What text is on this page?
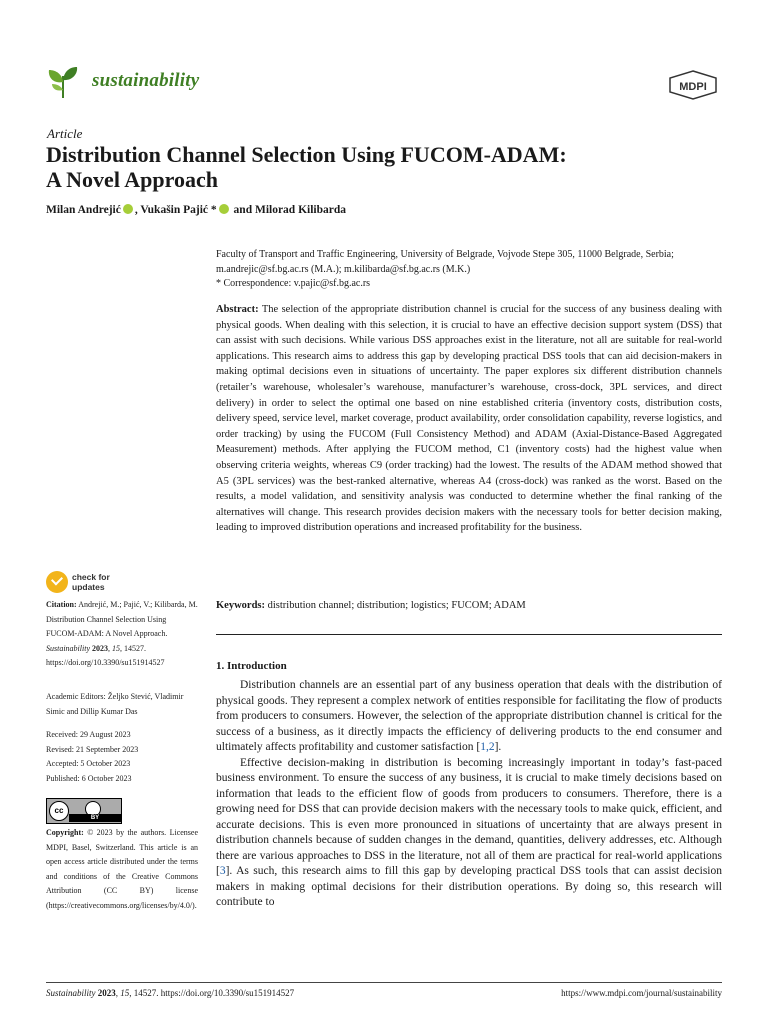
sustainability	MDPI
Article
Distribution Channel Selection Using FUCOM-ADAM:
A Novel Approach
Milan Andrejić , Vukašin Pajić * and Milorad Kilibarda

Faculty of Transport and Traffic Engineering, University of Belgrade, Vojvode Stepe 305, 11000 Belgrade, Serbia;

m.andrejic@sf.bg.ac.rs (M.A.); m.kilibarda@sf.bg.ac.rs (M.K.)

* Correspondence: v.pajic@sf.bg.ac.rs

Abstract: The selection of the appropriate distribution channel is crucial for the success of any business dealing with physical goods. When dealing with this selection, it is crucial to have an effective decision support system (DSS) that can assist with such decisions. While various DSS approaches exist in the literature, not all are suitable for real-world applications. This research aims to address this gap by developing practical DSS tools that can aid decision-makers in making optimal decisions even in situations of uncertainty. The paper explores six different distribution channels (retailer’s warehouse, wholesaler’s warehouse, manufacturer’s warehouse, cross-dock, 3PL services, and direct delivery) in order to select the optimal one based on nine established criteria (inventory costs, distribution costs, delivery speed, service level, market coverage, product availability, order consolidation capability, reverse logistics, and order tracking) by using the FUCOM (Full Consistency Method) and ADAM (Axial-Distance-Based Aggregated Measurement) methods. After applying the FUCOM method, C1 (inventory costs) had the highest value when observing criteria weights, whereas C9 (order tracking) had the lowest. The results of the ADAM method showed that A5 (3PL services) was the best-ranked alternative, whereas A4 (cross-dock) was ranked as the worst. Based on the results, a model validation, and sensitivity analysis was conducted to determine whether the final ranking of the alternatives will change. This research provides decision makers with the necessary tools for better decision making, leading to improved distribution operations and increased profitability for the business.
Keywords: distribution channel; distribution; logistics; FUCOM; ADAM
check for
updates

Citation: Andrejić, M.; Pajić, V.; Kilibarda, M. Distribution Channel Selection Using FUCOM-ADAM: A Novel Approach. Sustainability 2023, 15, 14527. https://doi.org/10.3390/su151914527

Academic Editors: Željko Stević, Vladimir Simic and Dillip Kumar Das

Received: 29 August 2023

Revised: 21 September 2023

Accepted: 5 October 2023

Published: 6 October 2023

cc
BY
Copyright: © 2023 by the authors. Licensee MDPI, Basel, Switzerland. This article is an open access article distributed under the terms and conditions of the Creative Commons Attribution (CC BY) license (https://creativecommons.org/licenses/by/4.0/).
1. Introduction

Distribution channels are an essential part of any business operation that deals with the distribution of physical goods. They represent a complex network of entities responsible for facilitating the flow of products from producers to consumers. However, the selection of the appropriate distribution channel is critical for the success of a business, as it directly impacts the efficiency of delivering products to the end consumer and ultimately affects profitability and customer satisfaction [1,2].

Effective decision-making in distribution is becoming increasingly important in today’s fast-paced business environment. To ensure the success of any business, it is crucial to make timely decisions based on information that leads to the efficient flow of goods from producers to consumers. Therefore, there is a growing need for DSS that can provide decision makers with the necessary tools to make quick, efficient, and accurate decisions. This is even more pronounced in situations of uncertainty that are always present in distribution channels because of sudden changes in the demand, quantities, delivery addresses, etc. Although there are various approaches to DSS in the literature, not all of them are practical for real-world applications [3]. As such, this research aims to fill this gap by developing practical DSS tools that can assist decision makers in making optimal decisions for their distribution operations. By doing so, this research will contribute to

Sustainability 2023, 15, 14527. https://doi.org/10.3390/su151914527	https://www.mdpi.com/journal/sustainability
